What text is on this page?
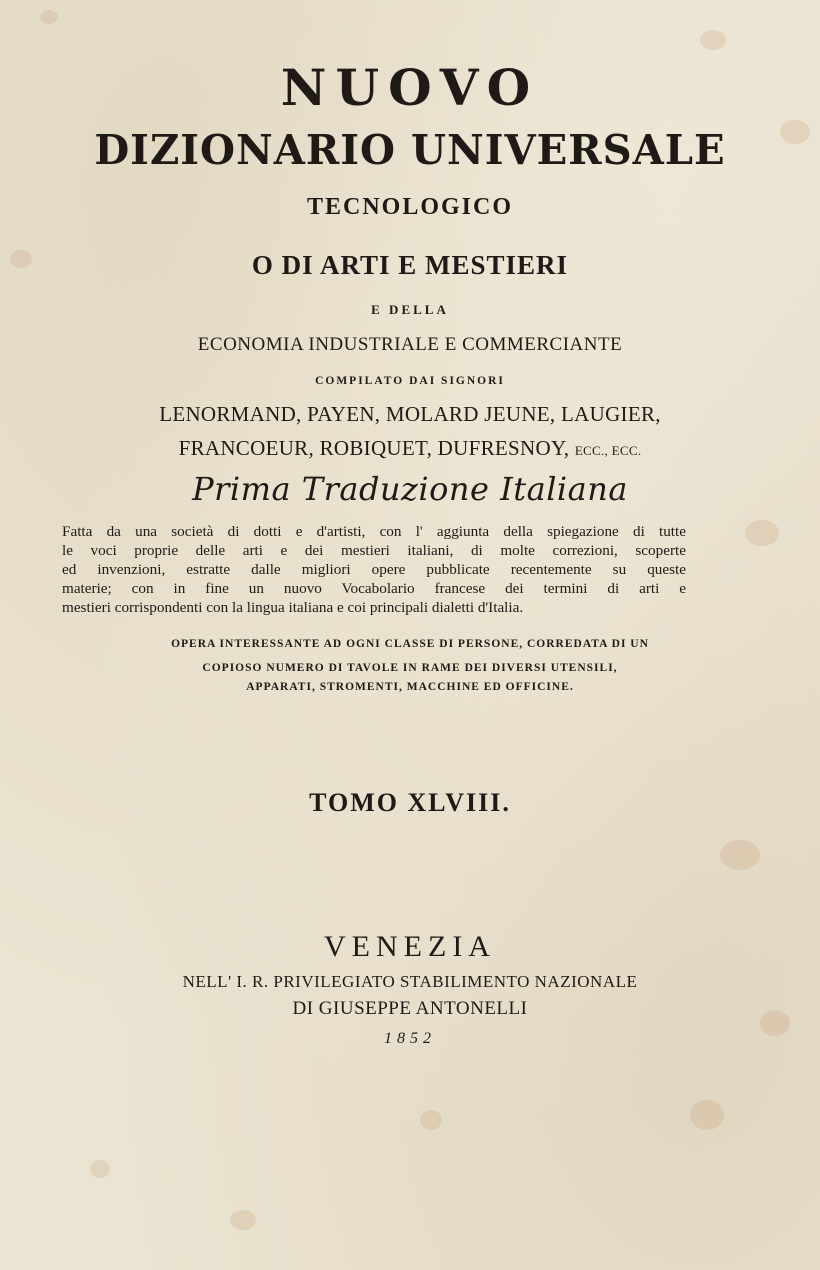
NUOVO
DIZIONARIO UNIVERSALE
TECNOLOGICO
O DI ARTI E MESTIERI
E DELLA
ECONOMIA INDUSTRIALE E COMMERCIANTE
COMPILATO DAI SIGNORI
LENORMAND, PAYEN, MOLARD JEUNE, LAUGIER,
FRANCOEUR, ROBIQUET, DUFRESNOY, ECC., ECC.
Prima Traduzione Italiana
Fatta da una società di dotti e d'artisti, con l' aggiunta della spiegazione di tutte
le voci proprie delle arti e dei mestieri italiani, di molte correzioni, scoperte
ed invenzioni, estratte dalle migliori opere pubblicate recentemente su queste
materie; con in fine un nuovo Vocabolario francese dei termini di arti e
mestieri corrispondenti con la lingua italiana e coi principali dialetti d'Italia.
OPERA INTERESSANTE AD OGNI CLASSE DI PERSONE, CORREDATA DI UN
COPIOSO NUMERO DI TAVOLE IN RAME DEI DIVERSI UTENSILI,
APPARATI, STROMENTI, MACCHINE ED OFFICINE.
TOMO XLVIII.
VENEZIA
NELL' I. R. PRIVILEGIATO STABILIMENTO NAZIONALE
DI GIUSEPPE ANTONELLI
1852
